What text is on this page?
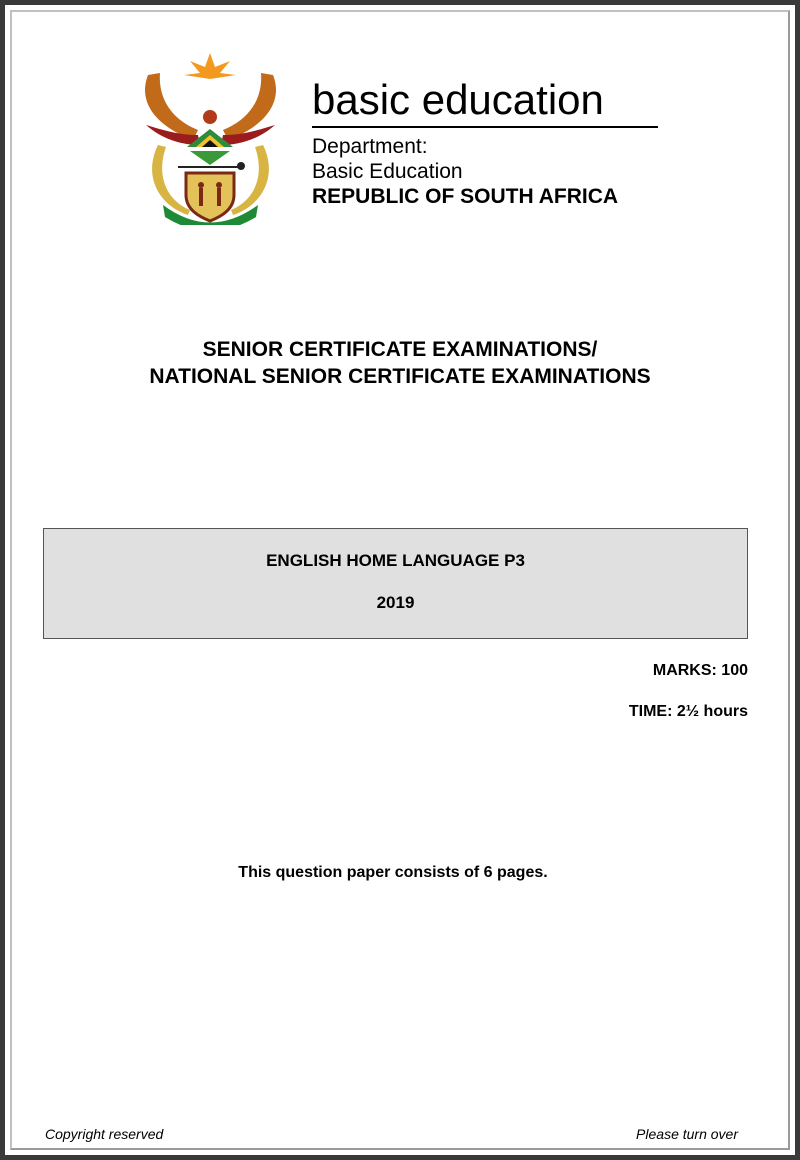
basic education
Department:
Basic Education
REPUBLIC OF SOUTH AFRICA
SENIOR CERTIFICATE EXAMINATIONS/
NATIONAL SENIOR CERTIFICATE EXAMINATIONS
ENGLISH HOME LANGUAGE P3
2019
MARKS: 100
TIME: 2½ hours
This question paper consists of 6 pages.
Copyright reserved	Please turn over
